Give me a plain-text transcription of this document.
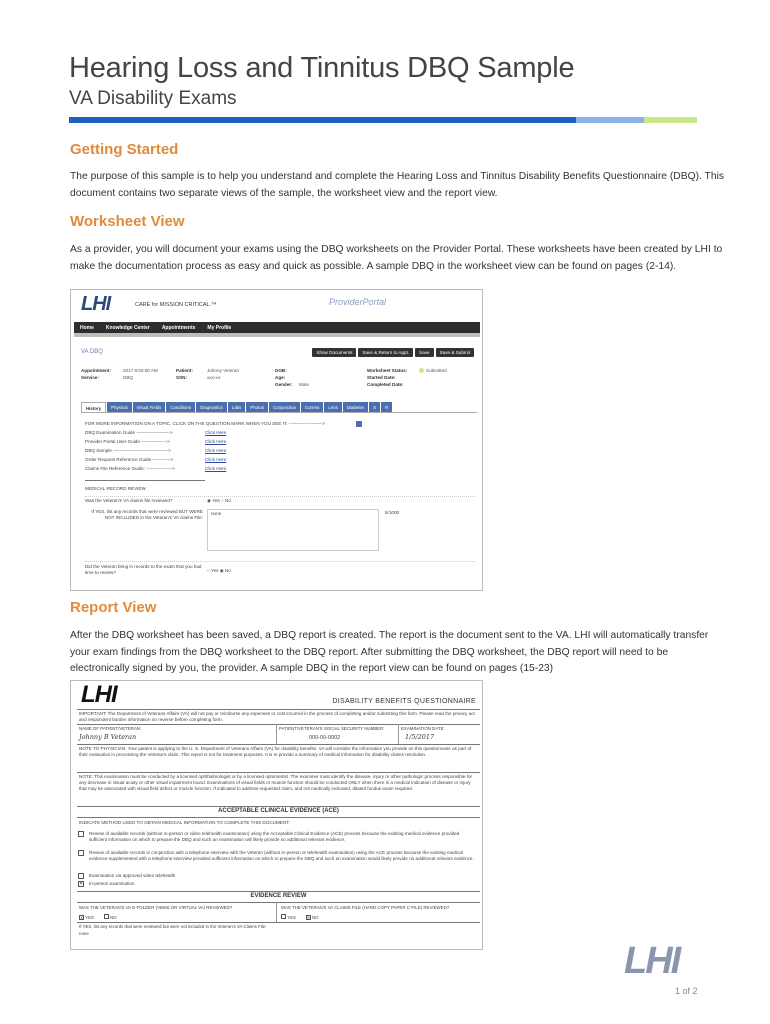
Hearing Loss and Tinnitus DBQ Sample
VA Disability Exams
Getting Started
The purpose of this sample is to help you understand and complete the Hearing Loss and Tinnitus Disability Benefits Questionnaire (DBQ). This document contains two separate views of the sample, the worksheet view and the report view.
Worksheet View
As a provider, you will document your exams using the DBQ worksheets on the Provider Portal. These worksheets have been created by LHI to make the documentation process as easy and quick as possible. A sample DBQ in the worksheet view can be found on pages (2-14).
LHI	CARE for MISSION CRITICAL.™	ProviderPortal
Home Knowledge Center Appointments My Profile
VA DBQ	Show Documents	Save & Return to Appt.	Save	Save & Submit
Appointment:	2017 8:00:00 AM	Patient:	Johnny Veteran	DOB:	Worksheet Status:	Submitted
Service:	DBQ	SSN:	xxx-xx-	Age:	Started Date:
Gender: Male	Completed Date:
History	Physical	Visual Fields	Conditions	Diagnostics	Labs	Photos	Conjunctiva	Cornea	Lens	Diabetes	S	R
FOR MORE INFORMATION ON A TOPIC, CLICK ON THE QUESTION MARK WHEN YOU SEE IT. ---------------------->
DBQ Examination Guide ---------------------->	Click Here
Provider Portal User Guide ----------------->	Click Here
DBQ Sample ------------------------------------>	Click Here
Order Request Reference Guide ------------>	Click Here
Claims File Reference Guide: ----------------->	Click Here
MEDICAL RECORD REVIEW
Was the Veteran's VA claims file reviewed?	◉ Yes ○ No
If YES, list any records that were reviewed BUT WERE NOT INCLUDED in the Veteran's VA claims File:
none	5/1000
Did the Veteran bring in records to the exam that you had time to review?	○ Yes ◉ No
Report View
After the DBQ worksheet has been saved, a DBQ report is created. The report is the document sent to the VA. LHI will automatically transfer your exam findings from the DBQ worksheet to the DBQ report. After submitting the DBQ worksheet, the DBQ report will need to be electronically signed by you, the provider. A sample DBQ in the report view can be found on pages (15-23)
LHI	DISABILITY BENEFITS QUESTIONNAIRE
IMPORTANT: The Department of Veterans Affairs (VA) will not pay or reimburse any expenses or cost incurred in the process of completing and/or submitting this form. Please read the privacy act and respondent burden information on reverse before completing form.
NAME OF PATIENT/VETERAN:	PATIENT/VETERAN'S SOCIAL SECURITY NUMBER:	EXAMINATION DATE:
Johnny B Veteran	000-00-0002	1/5/2017
NOTE TO PHYSICIAN: Your patient is applying to the U. S. Department of Veterans Affairs (VA) for disability benefits. VA will consider the information you provide on this questionnaire as part of their evaluation in processing the Veteran's claim. This report is not for treatment purposes. It is to provide a summary of medical information for disability claims resolution.
NOTE: This examination must be conducted by a licensed ophthalmologist or by a licensed optometrist. The examiner must identify the disease, injury or other pathologic process responsible for any decrease in visual acuity or other visual impairment found. Examinations of visual fields or muscle function should be conducted ONLY when there is a medical indication of disease or injury that may be associated with visual field defect or muscle function. If indicated to address requested claim, and not medically indicated, dilated fundus exam required.
ACCEPTABLE CLINICAL EVIDENCE (ACE)
INDICATE METHOD USED TO OBTAIN MEDICAL INFORMATION TO COMPLETE THIS DOCUMENT:
Review of available records (without in-person or video telehealth examination) using the Acceptable Clinical Evidence (ACE) process because the existing medical evidence provided sufficient information on which to prepare the DBQ and such an examination will likely provide no additional relevant evidence.
Review of available records in conjunction with a telephone interview with the Veteran (without in-person or telehealth examination) using the ACE process because the existing medical evidence supplemented with a telephone interview provided sufficient information on which to prepare the DBQ and such an examination would likely provide no additional relevant evidence.
Examination via approved video telehealth
In-person examination
✕
EVIDENCE REVIEW
WAS THE VETERAN'S VA E-FOLDER (VBMS OR VIRTUAL VA) REVIEWED?	WAS THE VETERAN'S VA CLAIMS FILE (HARD COPY PAPER C-FILE) REVIEWED?
✕ YES	NO	YES	✕ NO
If YES, list any records that were reviewed but were not included in the Veteran's VA Claims File:
none
LHI
1 of 2
